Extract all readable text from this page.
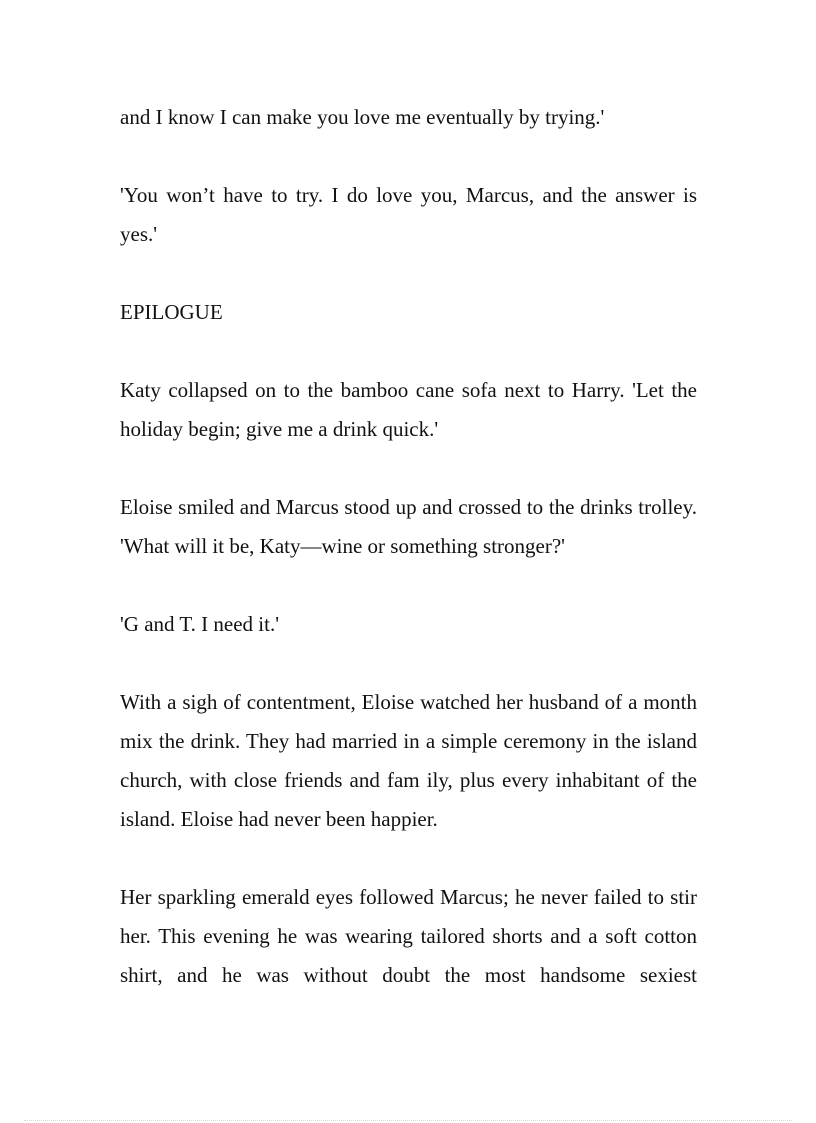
and I know I can make you love me eventually by trying.'

'You won’t have to try. I do love you, Marcus, and the answer is yes.'

EPILOGUE

Katy collapsed on to the bamboo cane sofa next to Harry. 'Let the holiday begin; give me a drink quick.'

Eloise smiled and Marcus stood up and crossed to the drinks trolley. 'What will it be, Katy—wine or something stronger?'

'G and T. I need it.'

With a sigh of contentment, Eloise watched her husband of a month mix the drink. They had married in a simple ceremony in the island church, with close friends and fam ily, plus every inhabitant of the island. Eloise had never been happier.

Her sparkling emerald eyes followed Marcus; he never failed to stir her. This evening he was wearing tailored shorts and a soft cotton shirt, and he was without doubt the most handsome sexiest
